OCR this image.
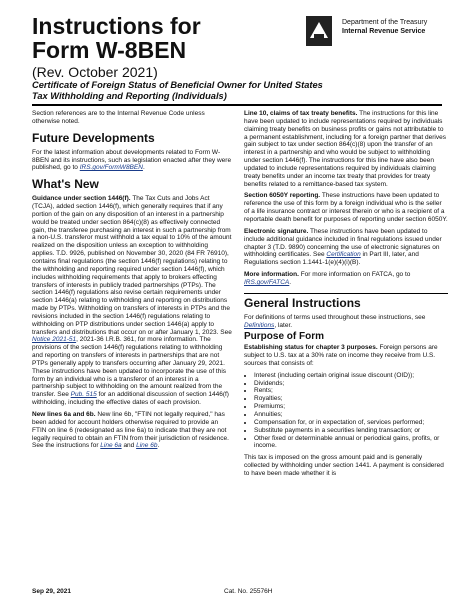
Instructions for
Form W-8BEN
(Rev. October 2021)
Certificate of Foreign Status of Beneficial Owner for United States Tax Withholding and Reporting (Individuals)
Department of the Treasury
Internal Revenue Service

Section references are to the Internal Revenue Code unless otherwise noted.

Future Developments

For the latest information about developments related to Form W-8BEN and its instructions, such as legislation enacted after they were published, go to IRS.gov/FormW8BEN.

What's New

Guidance under section 1446(f). The Tax Cuts and Jobs Act (TCJA), added section 1446(f), which generally requires that if any portion of the gain on any disposition of an interest in a partnership would be treated under section 864(c)(8) as effectively connected gain, the transferee purchasing an interest in such a partnership from a non-U.S. transferor must withhold a tax equal to 10% of the amount realized on the disposition unless an exception to withholding applies. T.D. 9926, published on November 30, 2020 (84 FR 76910), contains final regulations (the section 1446(f) regulations) relating to the withholding and reporting required under section 1446(f), which includes withholding requirements that apply to brokers effecting transfers of interests in publicly traded partnerships (PTPs). The section 1446(f) regulations also revise certain requirements under section 1446(a) relating to withholding and reporting on distributions made by PTPs. Withholding on transfers of interests in PTPs and the revisions included in the section 1446(f) regulations relating to withholding on PTP distributions under section 1446(a) apply to transfers and distributions that occur on or after January 1, 2023. See Notice 2021-51, 2021-36 I.R.B. 361, for more information. The provisions of the section 1446(f) regulations relating to withholding and reporting on transfers of interests in partnerships that are not PTPs generally apply to transfers occurring after January 29, 2021. These instructions have been updated to incorporate the use of this form by an individual who is a transferor of an interest in a partnership subject to withholding on the amount realized from the transfer. See Pub. 515 for an additional discussion of section 1446(f) withholding, including the effective dates of each provision.

New lines 6a and 6b. New line 6b, "FTIN not legally required," has been added for account holders otherwise required to provide an FTIN on line 6 (redesignated as line 6a) to indicate that they are not legally required to obtain an FTIN from their jurisdiction of residence. See the instructions for Line 6a and Line 6b.

Line 10, claims of tax treaty benefits. The instructions for this line have been updated to include representations required by individuals claiming treaty benefits on business profits or gains not attributable to a permanent establishment, including for a foreign partner that derives gain subject to tax under section 864(c)(8) upon the transfer of an interest in a partnership and who would be subject to withholding under section 1446(f). The instructions for this line have also been updated to include representations required by individuals claiming treaty benefits under an income tax treaty that provides for treaty benefits related to a remittance-based tax system.

Section 6050Y reporting. These instructions have been updated to reference the use of this form by a foreign individual who is the seller of a life insurance contract or interest therein or who is a recipient of a reportable death benefit for purposes of reporting under section 6050Y.

Electronic signature. These instructions have been updated to include additional guidance included in final regulations issued under chapter 3 (T.D. 9890) concerning the use of electronic signatures on withholding certificates. See Certification in Part III, later, and Regulations section 1.1441-1(e)(4)(i)(B).

More information. For more information on FATCA, go to IRS.gov/FATCA.

General Instructions

For definitions of terms used throughout these instructions, see Definitions, later.

Purpose of Form

Establishing status for chapter 3 purposes. Foreign persons are subject to U.S. tax at a 30% rate on income they receive from U.S. sources that consists of:

• Interest (including certain original issue discount (OID));
• Dividends;
• Rents;
• Royalties;
• Premiums;
• Annuities;
• Compensation for, or in expectation of, services performed;
• Substitute payments in a securities lending transaction; or
• Other fixed or determinable annual or periodical gains, profits, or income.

This tax is imposed on the gross amount paid and is generally collected by withholding under section 1441. A payment is considered to have been made whether it is

Sep 29, 2021	Cat. No. 25576H
